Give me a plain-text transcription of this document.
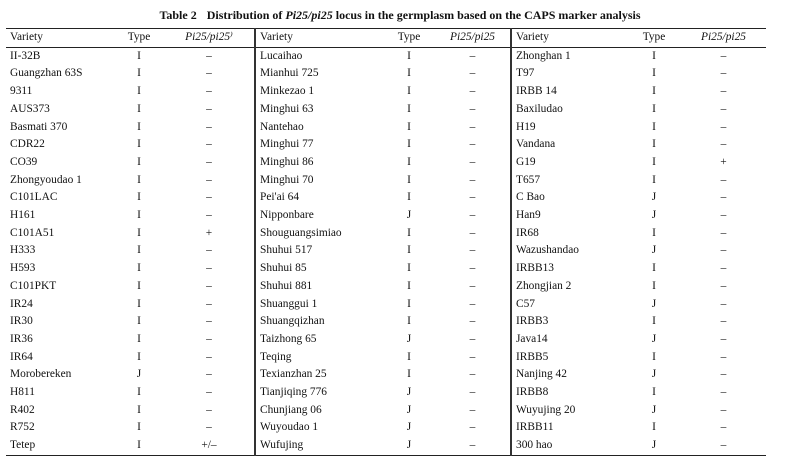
Table 2 Distribution of Pi25/pi25 locus in the germplasm based on the CAPS marker analysis
Variety	Type	Pi25/pi25⁾	Variety	Type	Pi25/pi25	Variety	Type	Pi25/pi25
II-32B	I	–	Lucaihao	I	–	Zhonghan 1	I	–
Guangzhan 63S	I	–	Mianhui 725	I	–	T97	I	–
9311	I	–	Minkezao 1	I	–	IRBB 14	I	–
AUS373	I	–	Minghui 63	I	–	Baxiludao	I	–
Basmati 370	I	–	Nantehao	I	–	H19	I	–
CDR22	I	–	Minghui 77	I	–	Vandana	I	–
CO39	I	–	Minghui 86	I	–	G19	I	+
Zhongyoudao 1	I	–	Minghui 70	I	–	T657	I	–
C101LAC	I	–	Pei'ai 64	I	–	C Bao	J	–
H161	I	–	Nipponbare	J	–	Han9	J	–
C101A51	I	+	Shouguangsimiao	I	–	IR68	I	–
H333	I	–	Shuhui 517	I	–	Wazushandao	J	–
H593	I	–	Shuhui 85	I	–	IRBB13	I	–
C101PKT	I	–	Shuhui 881	I	–	Zhongjian 2	I	–
IR24	I	–	Shuanggui 1	I	–	C57	J	–
IR30	I	–	Shuangqizhan	I	–	IRBB3	I	–
IR36	I	–	Taizhong 65	J	–	Java14	J	–
IR64	I	–	Teqing	I	–	IRBB5	I	–
Morobereken	J	–	Texianzhan 25	I	–	Nanjing 42	J	–
H811	I	–	Tianjiqing 776	J	–	IRBB8	I	–
R402	I	–	Chunjiang 06	J	–	Wuyujing 20	J	–
R752	I	–	Wuyoudao 1	J	–	IRBB11	I	–
Tetep	I	+/–	Wufujing	J	–	300 hao	J	–
